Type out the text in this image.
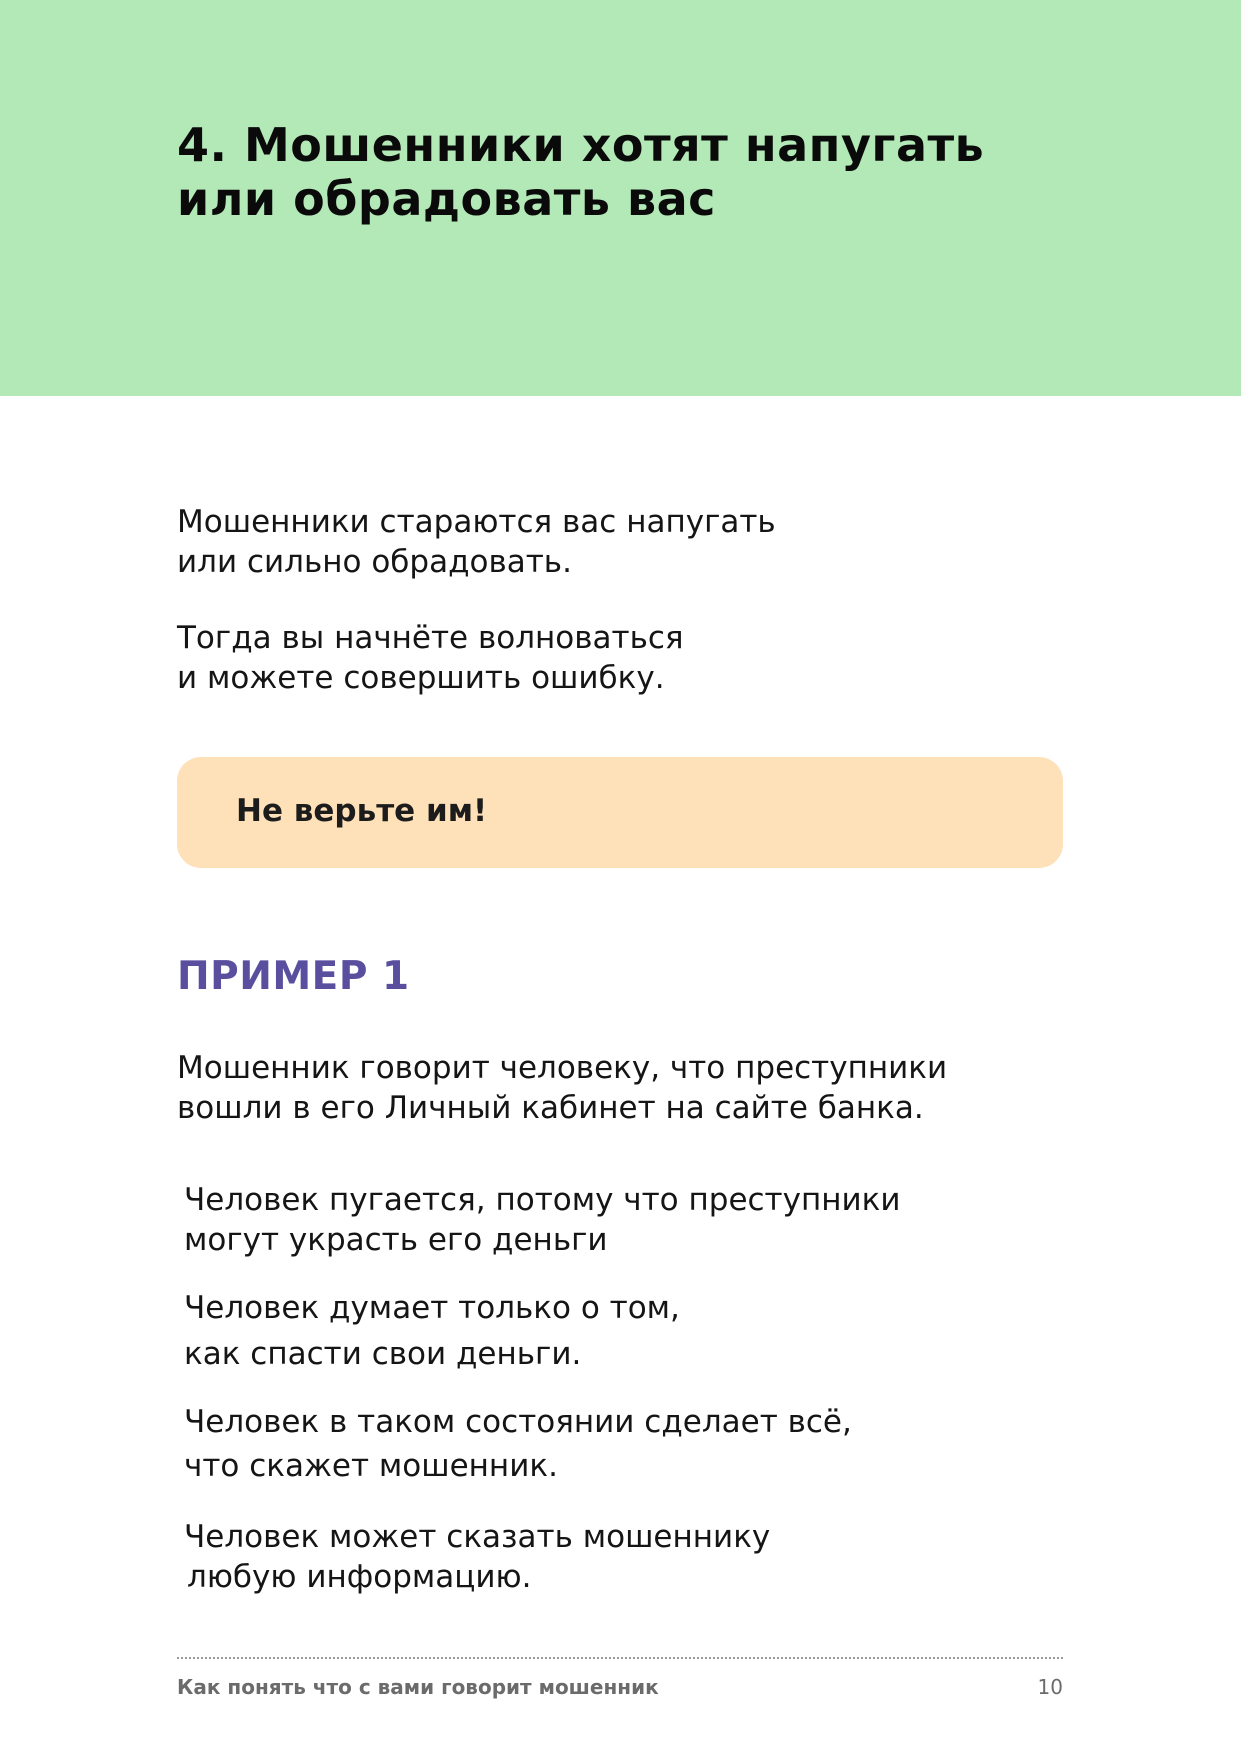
4. Мошенники хотят напугать
или обрадовать вас

Мошенники стараются вас напугать
или сильно обрадовать.

Тогда вы начнёте волноваться
и можете совершить ошибку.

Не верьте им!

ПРИМЕР 1

Мошенник говорит человеку, что преступники
вошли в его Личный кабинет на сайте банка.

Человек пугается, потому что преступники
могут украсть его деньги
Человек думает только о том,
как спасти свои деньги.
Человек в таком состоянии сделает всё,
что скажет мошенник.
Человек может сказать мошеннику
любую информацию.

Как понять что с вами говорит мошенник	10
